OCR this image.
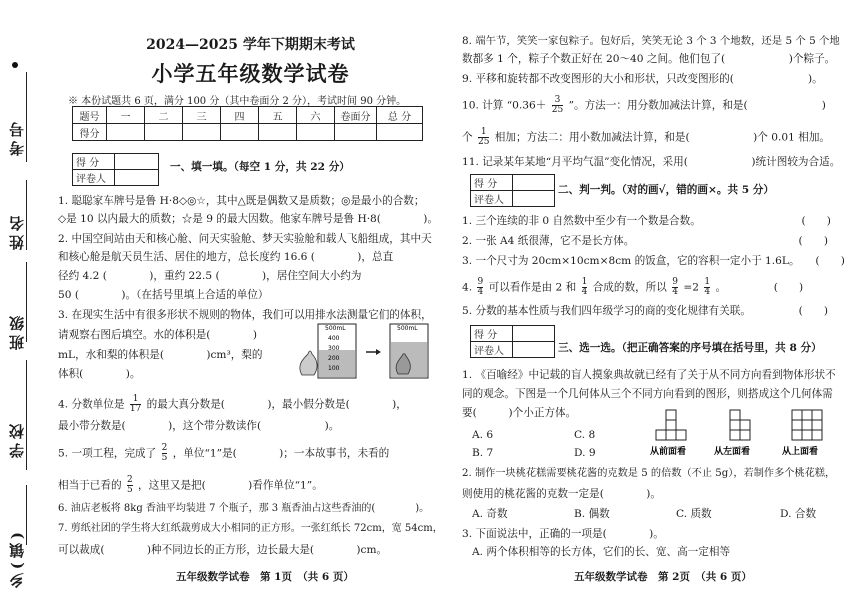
考号
姓名
班级
学校
乡(镇)
2024—2025 学年下期期末考试
小学五年级数学试卷
※ 本份试题共 6 页，满分 100 分（其中卷面分 2 分），考试时间 90 分钟。
题号	一	二	三	四	五	六	卷面分	总 分
得分								
得 分	
评卷人	
一、填一填。（每空 1 分，共 22 分）
1. 聪聪家车牌号是鲁 H·8◇◎☆，其中△既是偶数又是质数；◎是最小的合数；
◇是 10 以内最大的质数；☆是 9 的最大因数。他家车牌号是鲁 H·8(　　　　)。
2. 中国空间站由天和核心舱、问天实验舱、梦天实验舱和载人飞船组成，其中天
和核心舱是航天员生活、居住的地方，总长度约 16.6 (　　　　)，总直
径约 4.2 (　　　　)，重约 22.5 (　　　　)，居住空间大小约为
50 (　　　　)。（在括号里填上合适的单位）
3. 在现实生活中有很多形状不规则的物体，我们可以用排水法测量它们的体积，
请观察右图后填空。水的体积是(　　　　)
mL，水和梨的体积是(　　　　)cm³，梨的
体积(　　　　)。
500mL
400
300
200
100
500mL
4. 分数单位是 $\frac{1}{17}$ 的最大真分数是(　　　　)，最小假分数是(　　　　)，
最小带分数是(　　　　)，这个带分数读作(　　　　　　)。
5. 一项工程，完成了 $\frac{2}{5}$ ，单位“1”是(　　　　)；一本故事书，未看的
相当于已看的 $\frac{2}{5}$ ，这里又是把(　　　　)看作单位“1”。
6. 油店老板将 8kg 香油平均装进 7 个瓶子，那 3 瓶香油占这些香油的(　　　　)。
7. 剪纸社团的学生将大红纸裁剪成大小相同的正方形。一张红纸长 72cm，宽 54cm，
可以裁成(　　　　)种不同边长的正方形，边长最大是(　　　　)cm。
五年级数学试卷　第 1页　（共 6 页）
8. 端午节，笑笑一家包粽子。包好后，笑笑无论 3 个 3 个地数，还是 5 个 5 个地
数都多 1 个，粽子个数正好在 20～40 之间。他们包了(　　　　　　)个粽子。
9. 平移和旋转都不改变图形的大小和形状，只改变图形的(　　　　　　　)。
10. 计算 “$0.36+ \frac{3}{25}$ ”。方法一：用分数加减法计算，和是(　　　　　　　)
个 $\frac{1}{25}$ 相加；方法二：用小数加减法计算，和是(　　　　　　)个 0.01 相加。
11. 记录某年某地“月平均气温”变化情况，采用(　　　　　　)统计图较为合适。
得 分	
评卷人	
二、判一判。（对的画√，错的画×。共 5 分）
1. 三个连续的非 0 自然数中至少有一个数是合数。　　　　　　　　　　(　　)
2. 一张 A4 纸很薄，它不是长方体。　　　　　　　　　　　　　　　　(　　)
3. 一个尺寸为 20cm×10cm×8cm 的饭盒，它的容积一定小于 1.6L。　　(　　)
4. $\frac{9}{4}$ 可以看作是由 2 和 $\frac{1}{4}$ 合成的数，所以 $\frac{9}{4} =2 \frac{1}{4}$ 。　　　　　(　　)
5. 分数的基本性质与我们四年级学习的商的变化规律有关联。　　　　　(　　)
得 分	
评卷人		三、选一选。（把正确答案的序号填在括号里，共 8 分）
1. 《百喻经》中记载的盲人摸象典故就已经有了关于从不同方向看到物体形状不
同的观念。下图是一个几何体从三个不同方向看到的图形，则搭成这个几何体需
要(　　　)个小正方体。
A. 6	C. 8
B. 7	D. 9	从前面看	从左面看	从上面看
2. 制作一块桃花糕需要桃花酱的克数是 5 的倍数（不止 5g），若制作多个桃花糕，
则使用的桃花酱的克数一定是(　　　　)。
A. 奇数	B. 偶数	C. 质数	D. 合数
3. 下面说法中，正确的一项是(　　　　)。
A. 两个体积相等的长方体，它们的长、宽、高一定相等
五年级数学试卷　第 2页　（共 6 页）
